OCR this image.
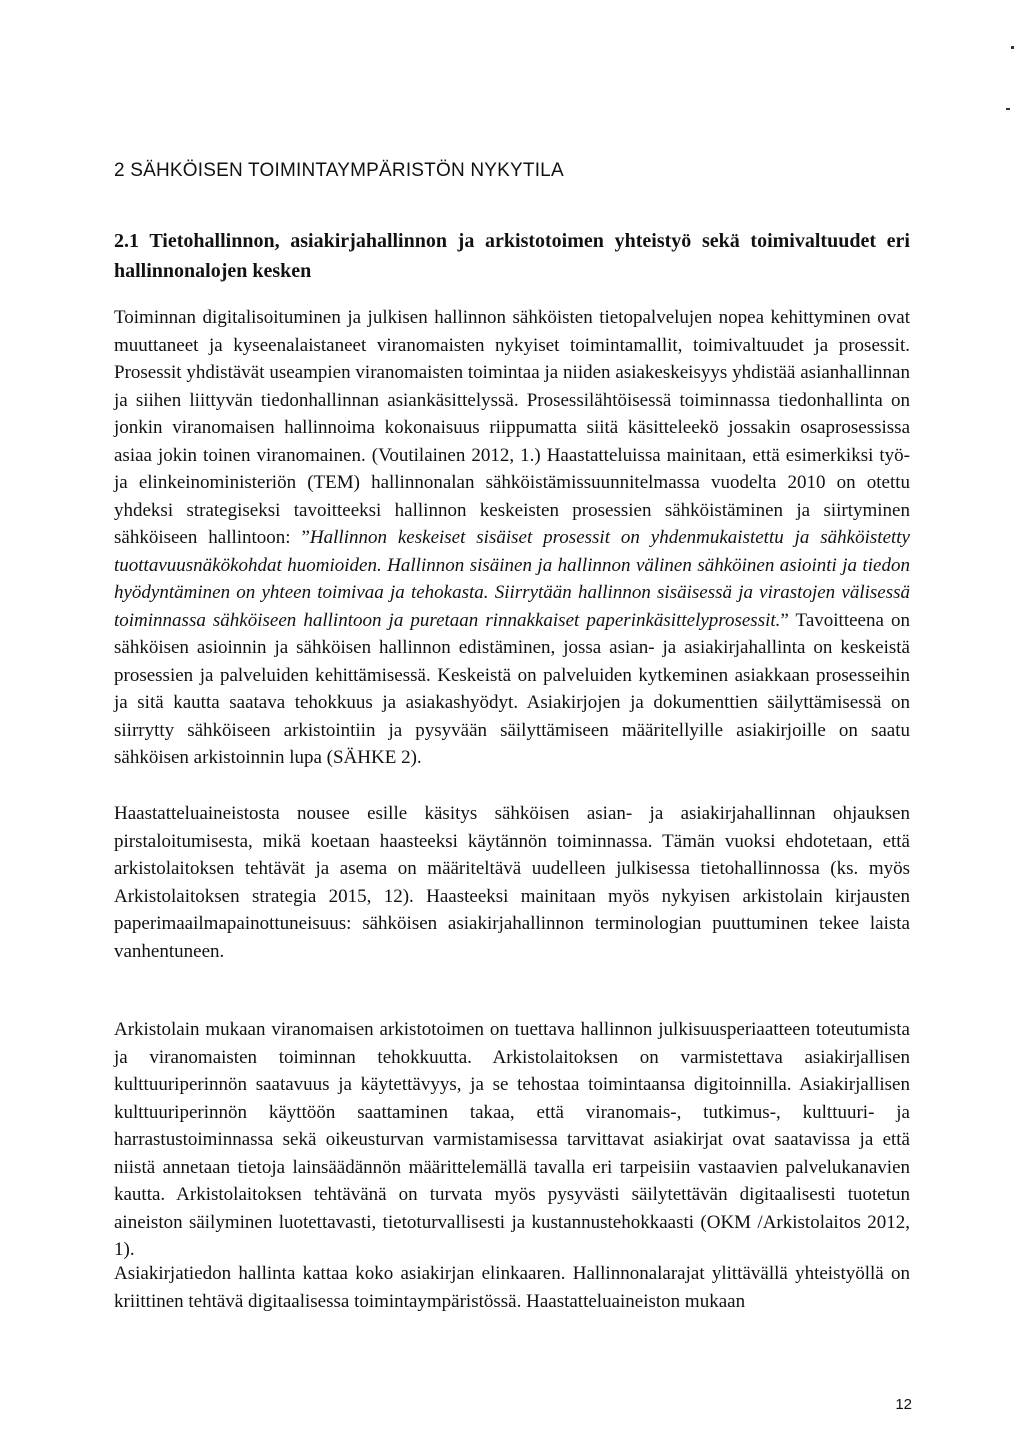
2 SÄHKÖISEN TOIMINTAYMPÄRISTÖN NYKYTILA
2.1 Tietohallinnon, asiakirjahallinnon ja arkistotoimen yhteistyö sekä toimivaltuudet eri hallinnonalojen kesken

Toiminnan digitalisoituminen ja julkisen hallinnon sähköisten tietopalvelujen nopea kehittyminen ovat muuttaneet ja kyseenalaistaneet viranomaisten nykyiset toimintamallit, toimivaltuudet ja prosessit. Prosessit yhdistävät useampien viranomaisten toimintaa ja niiden asiakeskeisyys yhdistää asianhallinnan ja siihen liittyvän tiedonhallinnan asiankäsittelyssä. Prosessilähtöisessä toiminnassa tiedonhallinta on jonkin viranomaisen hallinnoima kokonaisuus riippumatta siitä käsitteleekö jossakin osaprosessissa asiaa jokin toinen viranomainen. (Voutilainen 2012, 1.) Haastatteluissa mainitaan, että esimerkiksi työ- ja elinkeinoministeriön (TEM) hallinnonalan sähköistämissuunnitelmassa vuodelta 2010 on otettu yhdeksi strategiseksi tavoitteeksi hallinnon keskeisten prosessien sähköistäminen ja siirtyminen sähköiseen hallintoon: ”Hallinnon keskeiset sisäiset prosessit on yhdenmukaistettu ja sähköistetty tuottavuusnäkökohdat huomioiden. Hallinnon sisäinen ja hallinnon välinen sähköinen asiointi ja tiedon hyödyntäminen on yhteen toimivaa ja tehokasta. Siirrytään hallinnon sisäisessä ja virastojen välisessä toiminnassa sähköiseen hallintoon ja puretaan rinnakkaiset paperinkäsittelyprosessit.” Tavoitteena on sähköisen asioinnin ja sähköisen hallinnon edistäminen, jossa asian- ja asiakirjahallinta on keskeistä prosessien ja palveluiden kehittämisessä. Keskeistä on palveluiden kytkeminen asiakkaan prosesseihin ja sitä kautta saatava tehokkuus ja asiakashyödyt. Asiakirjojen ja dokumenttien säilyttämisessä on siirrytty sähköiseen arkistointiin ja pysyvään säilyttämiseen määritellyille asiakirjoille on saatu sähköisen arkistoinnin lupa (SÄHKE 2).

Haastatteluaineistosta nousee esille käsitys sähköisen asian- ja asiakirjahallinnan ohjauksen pirstaloitumisesta, mikä koetaan haasteeksi käytännön toiminnassa. Tämän vuoksi ehdotetaan, että arkistolaitoksen tehtävät ja asema on määriteltävä uudelleen julkisessa tietohallinnossa (ks. myös Arkistolaitoksen strategia 2015, 12). Haasteeksi mainitaan myös nykyisen arkistolain kirjausten paperimaailmapainottuneisuus: sähköisen asiakirjahallinnon terminologian puuttuminen tekee laista vanhentuneen.

Arkistolain mukaan viranomaisen arkistotoimen on tuettava hallinnon julkisuusperiaatteen toteutumista ja viranomaisten toiminnan tehokkuutta. Arkistolaitoksen on varmistettava asiakirjallisen kulttuuriperinnön saatavuus ja käytettävyys, ja se tehostaa toimintaansa digitoinnilla. Asiakirjallisen kulttuuriperinnön käyttöön saattaminen takaa, että viranomais-, tutkimus-, kulttuuri- ja harrastustoiminnassa sekä oikeusturvan varmistamisessa tarvittavat asiakirjat ovat saatavissa ja että niistä annetaan tietoja lainsäädännön määrittelemällä tavalla eri tarpeisiin vastaavien palvelukanavien kautta. Arkistolaitoksen tehtävänä on turvata myös pysyvästi säilytettävän digitaalisesti tuotetun aineiston säilyminen luotettavasti, tietoturvallisesti ja kustannustehokkaasti (OKM /Arkistolaitos 2012, 1).

Asiakirjatiedon hallinta kattaa koko asiakirjan elinkaaren. Hallinnonalarajat ylittävällä yhteistyöllä on kriittinen tehtävä digitaalisessa toimintaympäristössä. Haastatteluaineiston mukaan

12
